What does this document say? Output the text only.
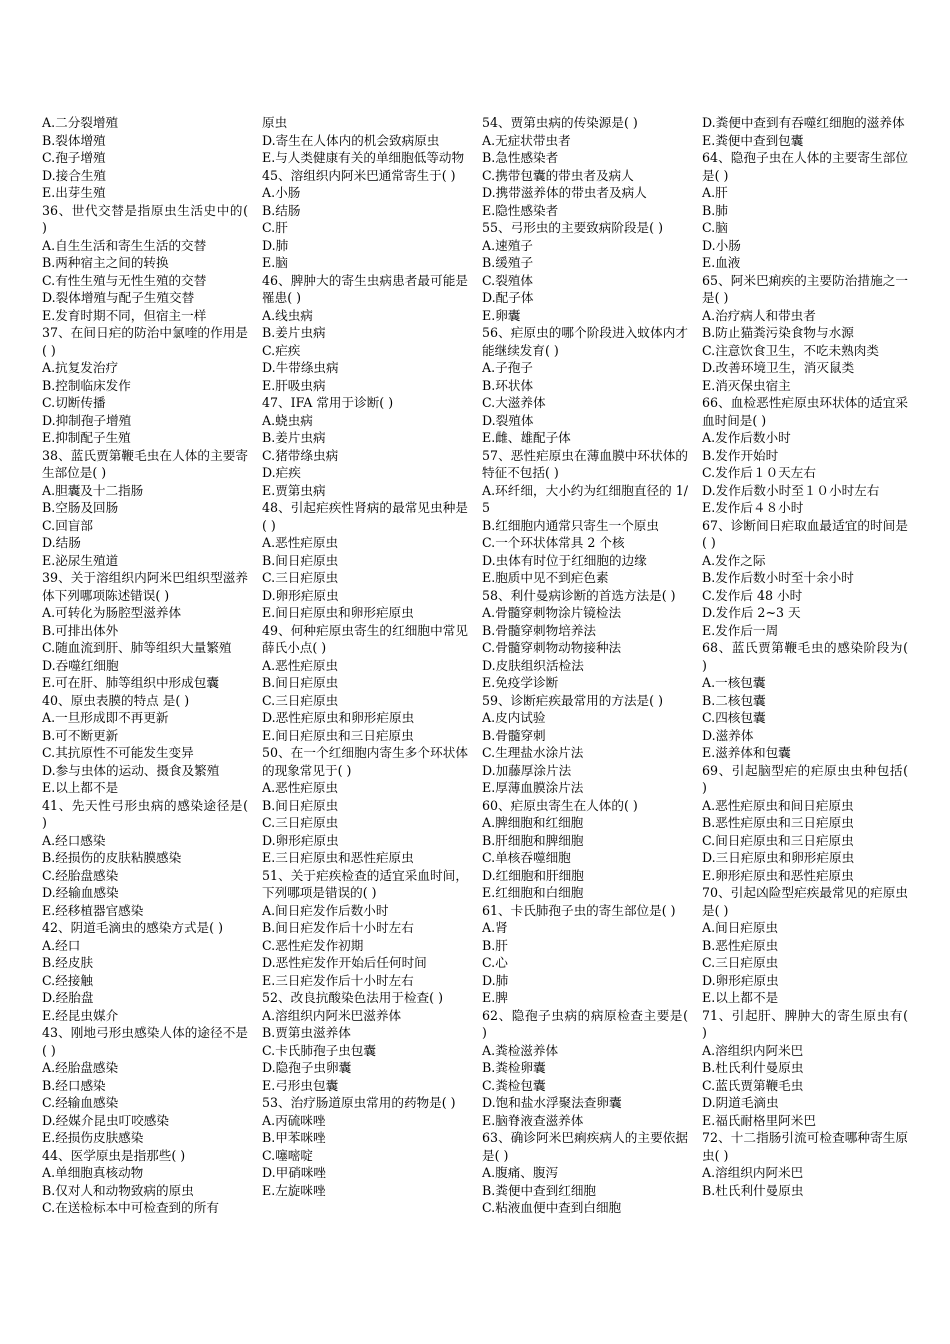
A.二分裂增殖
B.裂体增殖
C.孢子增殖
D.接合生殖
E.出芽生殖
36、世代交替是指原虫生活史中的( )
A.自生生活和寄生生活的交替
B.两种宿主之间的转换
C.有性生殖与无性生殖的交替
D.裂体增殖与配子生殖交替
E.发育时期不同，但宿主一样
37、在间日疟的防治中氯喹的作用是( )
A.抗复发治疗
B.控制临床发作
C.切断传播
D.抑制孢子增殖
E.抑制配子生殖
38、蓝氏贾第鞭毛虫在人体的主要寄生部位是( )
A.胆囊及十二指肠
B.空肠及回肠
C.回盲部
D.结肠
E.泌尿生殖道
39、关于溶组织内阿米巴组织型滋养体下列哪项陈述错误( )
A.可转化为肠腔型滋养体
B.可排出体外
C.随血流到肝、肺等组织大量繁殖
D.吞噬红细胞
E.可在肝、肺等组织中形成包囊
40、原虫表膜的特点 是( )
A.一旦形成即不再更新
B.可不断更新
C.其抗原性不可能发生变异
D.参与虫体的运动、摄食及繁殖
E.以上都不是
41、先天性弓形虫病的感染途径是( )
A.经口感染
B.经损伤的皮肤粘膜感染
C.经胎盘感染
D.经输血感染
E.经移植器官感染
42、阴道毛滴虫的感染方式是( )
A.经口
B.经皮肤
C.经接触
D.经胎盘
E.经昆虫媒介
43、刚地弓形虫感染人体的途径不是( )
A.经胎盘感染
B.经口感染
C.经输血感染
D.经媒介昆虫叮咬感染
E.经损伤皮肤感染
44、医学原虫是指那些( )
A.单细胞真核动物
B.仅对人和动物致病的原虫
C.在送检标本中可检查到的所有
原虫
D.寄生在人体内的机会致病原虫
E.与人类健康有关的单细胞低等动物
45、溶组织内阿米巴通常寄生于( )
A.小肠
B.结肠
C.肝
D.肺
E.脑
46、脾肿大的寄生虫病患者最可能是罹患( )
A.线虫病
B.姜片虫病
C.疟疾
D.牛带绦虫病
E.肝吸虫病
47、IFA 常用于诊断( )
A.蛲虫病
B.姜片虫病
C.猪带绦虫病
D.疟疾
E.贾第虫病
48、引起疟疾性肾病的最常见虫种是( )
A.恶性疟原虫
B.间日疟原虫
C.三日疟原虫
D.卵形疟原虫
E.间日疟原虫和卵形疟原虫
49、何种疟原虫寄生的红细胞中常见薛氏小点( )
A.恶性疟原虫
B.间日疟原虫
C.三日疟原虫
D.恶性疟原虫和卵形疟原虫
E.间日疟原虫和三日疟原虫
50、在一个红细胞内寄生多个环状体的现象常见于( )
A.恶性疟原虫
B.间日疟原虫
C.三日疟原虫
D.卵形疟原虫
E.三日疟原虫和恶性疟原虫
51、关于疟疾检查的适宜采血时间，下列哪项是错误的( )
A.间日疟发作后数小时
B.间日疟发作后十小时左右
C.恶性疟发作初期
D.恶性疟发作开始后任何时间
E.三日疟发作后十小时左右
52、改良抗酸染色法用于检查( )
A.溶组织内阿米巴滋养体
B.贾第虫滋养体
C.卡氏肺孢子虫包囊
D.隐孢子虫卵囊
E.弓形虫包囊
53、治疗肠道原虫常用的药物是( )
A.丙硫咪唑
B.甲苯咪唑
C.噻嘧啶
D.甲硝咪唑
E.左旋咪唑
54、贾第虫病的传染源是( )
A.无症状带虫者
B.急性感染者
C.携带包囊的带虫者及病人
D.携带滋养体的带虫者及病人
E.隐性感染者
55、弓形虫的主要致病阶段是( )
A.速殖子
B.缓殖子
C.裂殖体
D.配子体
E.卵囊
56、疟原虫的哪个阶段进入蚊体内才能继续发育( )
A.子孢子
B.环状体
C.大滋养体
D.裂殖体
E.雌、雄配子体
57、恶性疟原虫在薄血膜中环状体的特征不包括( )
A.环纤细，大小约为红细胞直径的 1/5
B.红细胞内通常只寄生一个原虫
C.一个环状体常具 2 个核
D.虫体有时位于红细胞的边缘
E.胞质中见不到疟色素
58、利什曼病诊断的首选方法是( )
A.骨髓穿刺物涂片镜检法
B.骨髓穿刺物培养法
C.骨髓穿刺物动物接种法
D.皮肤组织活检法
E.免疫学诊断
59、诊断疟疾最常用的方法是( )
A.皮内试验
B.骨髓穿刺
C.生理盐水涂片法
D.加藤厚涂片法
E.厚薄血膜涂片法
60、疟原虫寄生在人体的( )
A.脾细胞和红细胞
B.肝细胞和脾细胞
C.单核吞噬细胞
D.红细胞和肝细胞
E.红细胞和白细胞
61、卡氏肺孢子虫的寄生部位是( )
A.肾
B.肝
C.心
D.肺
E.脾
62、隐孢子虫病的病原检查主要是( )
A.粪检滋养体
B.粪检卵囊
C.粪检包囊
D.饱和盐水浮聚法查卵囊
E.脑脊液查滋养体
63、确诊阿米巴痢疾病人的主要依据是( )
A.腹痛、腹泻
B.粪便中查到红细胞
C.粘液血便中查到白细胞
D.粪便中查到有吞噬红细胞的滋养体
E.粪便中查到包囊
64、隐孢子虫在人体的主要寄生部位是( )
A.肝
B.肺
C.脑
D.小肠
E.血液
65、阿米巴痢疾的主要防治措施之一是( )
A.治疗病人和带虫者
B.防止猫粪污染食物与水源
C.注意饮食卫生，不吃未熟肉类
D.改善环境卫生，消灭鼠类
E.消灭保虫宿主
66、血检恶性疟原虫环状体的适宜采血时间是( )
A.发作后数小时
B.发作开始时
C.发作后１０天左右
D.发作后数小时至１０小时左右
E.发作后４８小时
67、诊断间日疟取血最适宜的时间是( )
A.发作之际
B.发作后数小时至十余小时
C.发作后 48 小时
D.发作后 2~3 天
E.发作后一周
68、蓝氏贾第鞭毛虫的感染阶段为( )
A.一核包囊
B.二核包囊
C.四核包囊
D.滋养体
E.滋养体和包囊
69、引起脑型疟的疟原虫虫种包括( )
A.恶性疟原虫和间日疟原虫
B.恶性疟原虫和三日疟原虫
C.间日疟原虫和三日疟原虫
D.三日疟原虫和卵形疟原虫
E.卵形疟原虫和恶性疟原虫
70、引起凶险型疟疾最常见的疟原虫是( )
A.间日疟原虫
B.恶性疟原虫
C.三日疟原虫
D.卵形疟原虫
E.以上都不是
71、引起肝、脾肿大的寄生原虫有( )
A.溶组织内阿米巴
B.杜氏利什曼原虫
C.蓝氏贾第鞭毛虫
D.阴道毛滴虫
E.福氏耐格里阿米巴
72、十二指肠引流可检查哪种寄生原虫( )
A.溶组织内阿米巴
B.杜氏利什曼原虫
